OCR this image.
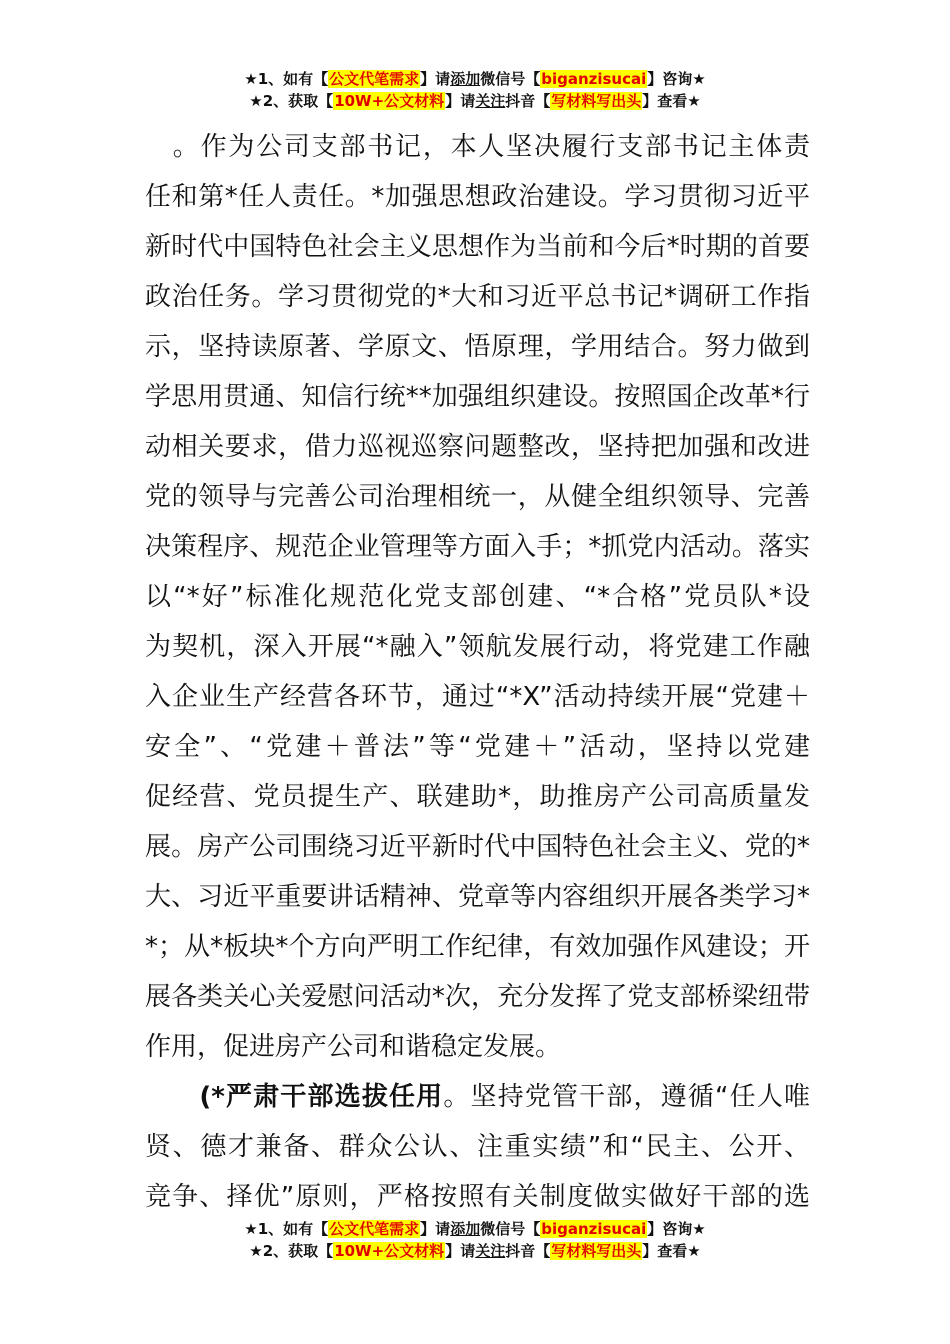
★1、如有【公文代笔需求】请添加微信号【biganzisucai】咨询★
★2、获取【10W+公文材料】请关注抖音【写材料写出头】查看★
　。作为公司支部书记，本人坚决履行支部书记主体责
任和第*任人责任。*加强思想政治建设。学习贯彻习近平
新时代中国特色社会主义思想作为当前和今后*时期的首要
政治任务。学习贯彻党的*大和习近平总书记*调研工作指
示，坚持读原著、学原文、悟原理，学用结合。努力做到
学思用贯通、知信行统**加强组织建设。按照国企改革*行
动相关要求，借力巡视巡察问题整改，坚持把加强和改进
党的领导与完善公司治理相统一，从健全组织领导、完善
决策程序、规范企业管理等方面入手；*抓党内活动。落实
以“*好”标准化规范化党支部创建、“*合格”党员队*设
为契机，深入开展“*融入”领航发展行动，将党建工作融
入企业生产经营各环节，通过“*X”活动持续开展“党建＋
安全”、“党建＋普法”等“党建＋”活动，坚持以党建
促经营、党员提生产、联建助*，助推房产公司高质量发
展。房产公司围绕习近平新时代中国特色社会主义、党的*
大、习近平重要讲话精神、党章等内容组织开展各类学习*
*；从*板块*个方向严明工作纪律，有效加强作风建设；开
展各类关心关爱慰问活动*次，充分发挥了党支部桥梁纽带
作用，促进房产公司和谐稳定发展。
　　(*严肃干部选拔任用。坚持党管干部，遵循“任人唯
贤、德才兼备、群众公认、注重实绩”和“民主、公开、
竞争、择优”原则，严格按照有关制度做实做好干部的选
★1、如有【公文代笔需求】请添加微信号【biganzisucai】咨询★
★2、获取【10W+公文材料】请关注抖音【写材料写出头】查看★
